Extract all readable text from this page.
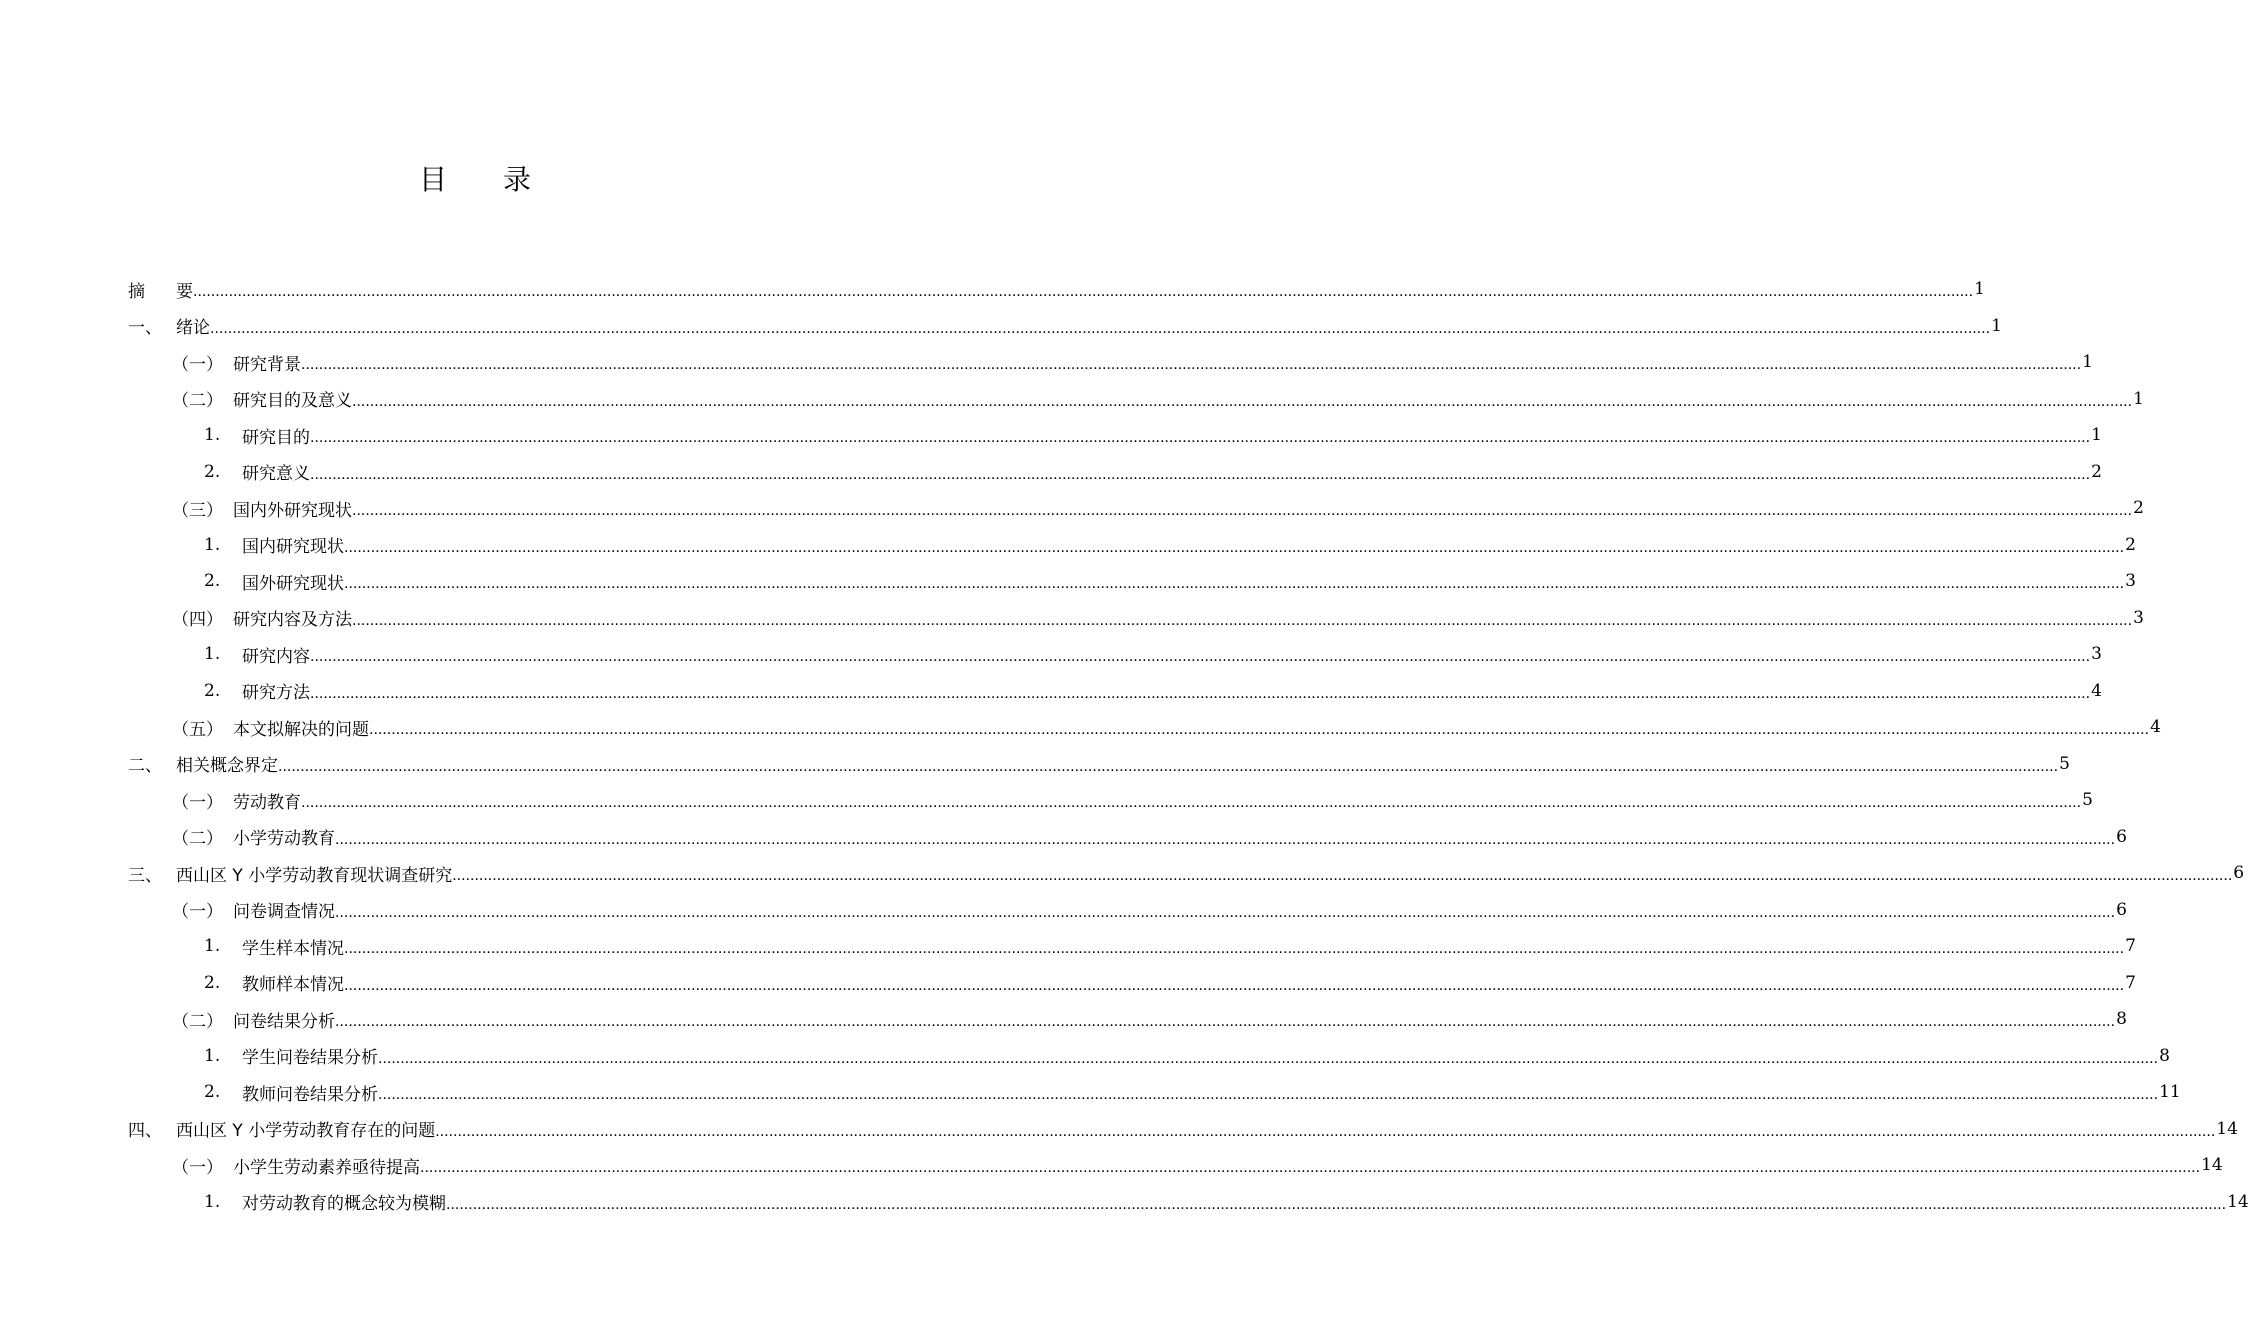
目 录
摘 要 ................................................................................................................................................................................................................................................................................................................................................................................................................ 1
一、 绪论 ................................................................................................................................................................................................................................................................................................................................................................................................................ 1
（一） 研究背景 ................................................................................................................................................................................................................................................................................................................................................................................................................ 1
（二） 研究目的及意义 ................................................................................................................................................................................................................................................................................................................................................................................................................ 1
1. 研究目的 ................................................................................................................................................................................................................................................................................................................................................................................................................ 1
2. 研究意义 ................................................................................................................................................................................................................................................................................................................................................................................................................ 2
（三） 国内外研究现状 ................................................................................................................................................................................................................................................................................................................................................................................................................ 2
1. 国内研究现状 ................................................................................................................................................................................................................................................................................................................................................................................................................ 2
2. 国外研究现状 ................................................................................................................................................................................................................................................................................................................................................................................................................ 3
（四） 研究内容及方法 ................................................................................................................................................................................................................................................................................................................................................................................................................ 3
1. 研究内容 ................................................................................................................................................................................................................................................................................................................................................................................................................ 3
2. 研究方法 ................................................................................................................................................................................................................................................................................................................................................................................................................ 4
（五） 本文拟解决的问题 ................................................................................................................................................................................................................................................................................................................................................................................................................ 4
二、 相关概念界定 ................................................................................................................................................................................................................................................................................................................................................................................................................ 5
（一） 劳动教育 ................................................................................................................................................................................................................................................................................................................................................................................................................ 5
（二） 小学劳动教育 ................................................................................................................................................................................................................................................................................................................................................................................................................ 6
三、 西山区 Y 小学劳动教育现状调查研究 ................................................................................................................................................................................................................................................................................................................................................................................................................ 6
（一） 问卷调查情况 ................................................................................................................................................................................................................................................................................................................................................................................................................ 6
1. 学生样本情况 ................................................................................................................................................................................................................................................................................................................................................................................................................ 7
2. 教师样本情况 ................................................................................................................................................................................................................................................................................................................................................................................................................ 7
（二） 问卷结果分析 ................................................................................................................................................................................................................................................................................................................................................................................................................ 8
1. 学生问卷结果分析 ................................................................................................................................................................................................................................................................................................................................................................................................................ 8
2. 教师问卷结果分析 ................................................................................................................................................................................................................................................................................................................................................................................................................ 11
四、 西山区 Y 小学劳动教育存在的问题 ................................................................................................................................................................................................................................................................................................................................................................................................................ 14
（一） 小学生劳动素养亟待提高 ................................................................................................................................................................................................................................................................................................................................................................................................................ 14
1. 对劳动教育的概念较为模糊 ................................................................................................................................................................................................................................................................................................................................................................................................................ 14
